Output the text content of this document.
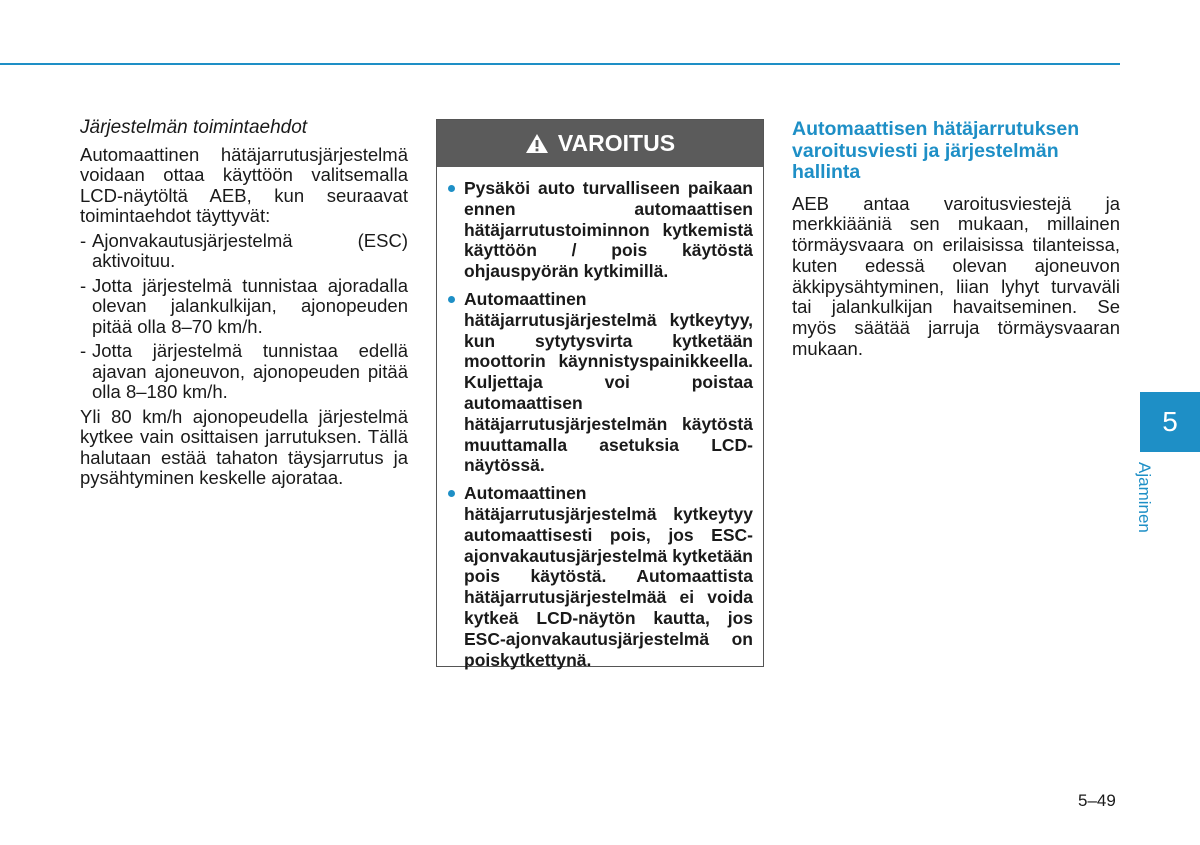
Järjestelmän toimintaehdot

Automaattinen hätäjarrutusjärjestelmä voidaan ottaa käyttöön valitsemalla LCD-näytöltä AEB, kun seuraavat toimintaehdot täyttyvät:

- Ajonvakautusjärjestelmä (ESC) aktivoituu.
- Jotta järjestelmä tunnistaa ajoradalla olevan jalankulkijan, ajonopeuden pitää olla 8–70 km/h.
- Jotta järjestelmä tunnistaa edellä ajavan ajoneuvon, ajonopeuden pitää olla 8–180 km/h.

Yli 80 km/h ajonopeudella järjestelmä kytkee vain osittaisen jarrutuksen. Tällä halutaan estää tahaton täysjarrutus ja pysähtyminen keskelle ajorataa.

VAROITUS
Pysäköi auto turvalliseen paikaan ennen automaattisen hätäjarrutustoiminnon kytkemistä käyttöön / pois käytöstä ohjauspyörän kytkimillä.
Automaattinen hätäjarrutusjärjestelmä kytkeytyy, kun sytytysvirta kytketään moottorin käynnistyspainikkeella. Kuljettaja voi poistaa automaattisen hätäjarrutusjärjestelmän käytöstä muuttamalla asetuksia LCD-näytössä.
Automaattinen hätäjarrutusjärjestelmä kytkeytyy automaattisesti pois, jos ESC-ajonvakautusjärjestelmä kytketään pois käytöstä. Automaattista hätäjarrutusjärjestelmää ei voida kytkeä LCD-näytön kautta, jos ESC-ajonvakautusjärjestelmä on poiskytkettynä.
Automaattisen hätäjarrutuksen varoitusviesti ja järjestelmän hallinta

AEB antaa varoitusviestejä ja merkkiääniä sen mukaan, millainen törmäysvaara on erilaisissa tilanteissa, kuten edessä olevan ajoneuvon äkkipysähtyminen, liian lyhyt turvaväli tai jalankulkijan havaitseminen. Se myös säätää jarruja törmäysvaaran mukaan.

5
Ajaminen
5–49
